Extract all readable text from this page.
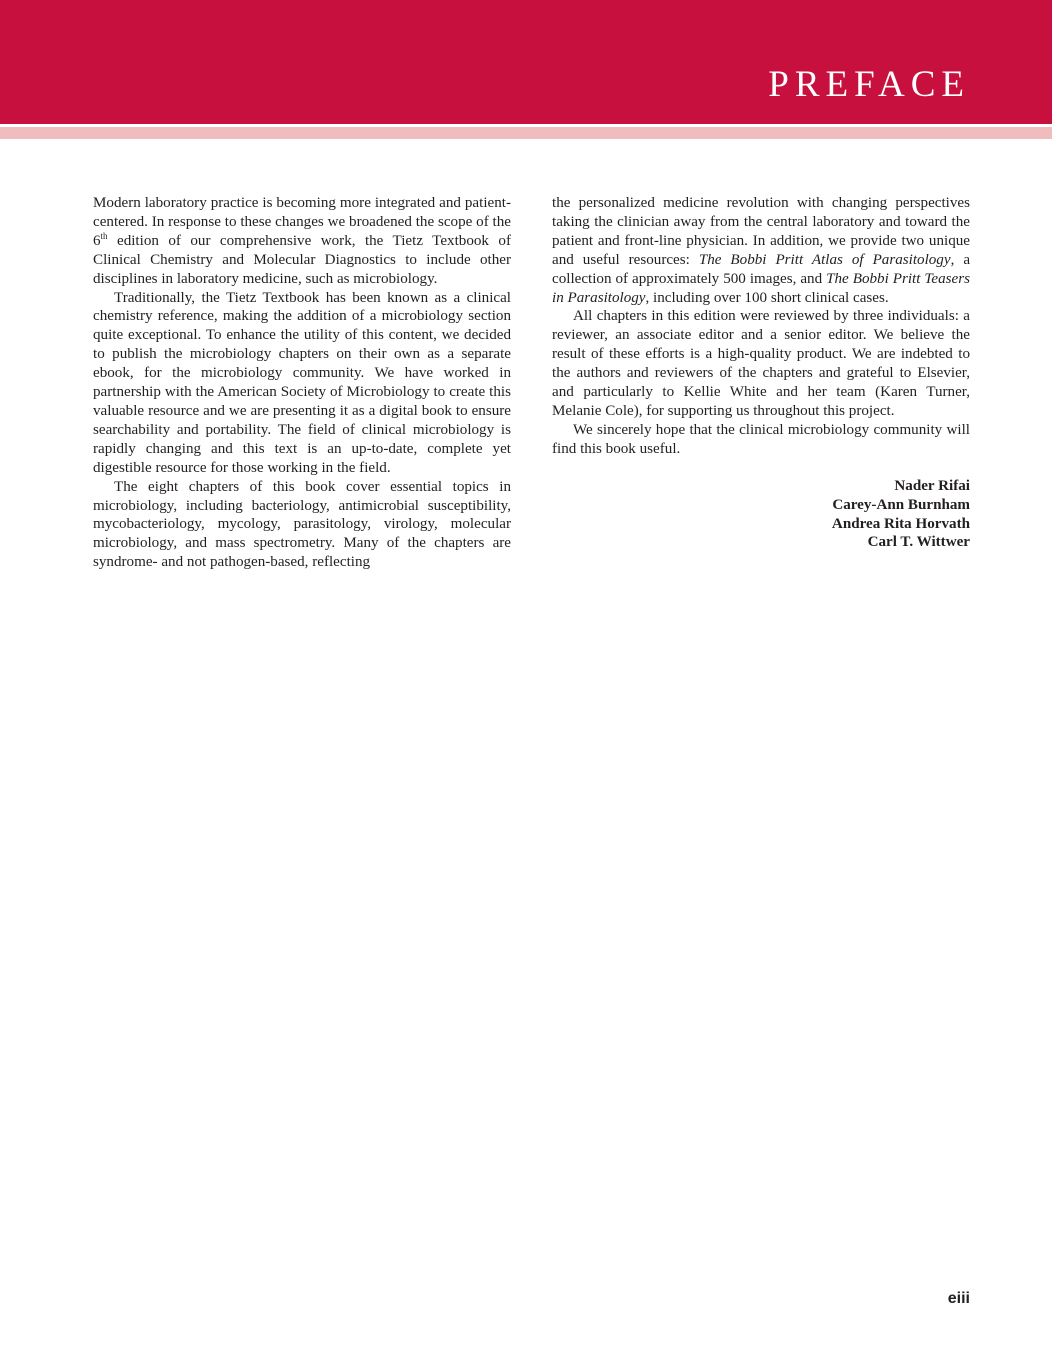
PREFACE

Modern laboratory practice is becoming more integrated and patient-centered. In response to these changes we broadened the scope of the 6th edition of our comprehensive work, the Tietz Textbook of Clinical Chemistry and Molecular Diagnostics to include other disciplines in laboratory medicine, such as microbiology.

Traditionally, the Tietz Textbook has been known as a clinical chemistry reference, making the addition of a microbiology section quite exceptional. To enhance the utility of this content, we decided to publish the microbiology chapters on their own as a separate ebook, for the microbiology community. We have worked in partnership with the American Society of Microbiology to create this valuable resource and we are presenting it as a digital book to ensure searchability and portability. The field of clinical microbiology is rapidly changing and this text is an up-to-date, complete yet digestible resource for those working in the field.

The eight chapters of this book cover essential topics in microbiology, including bacteriology, antimicrobial susceptibility, mycobacteriology, mycology, parasitology, virology, molecular microbiology, and mass spectrometry. Many of the chapters are syndrome- and not pathogen-based, reflecting

the personalized medicine revolution with changing perspectives taking the clinician away from the central laboratory and toward the patient and front-line physician. In addition, we provide two unique and useful resources: The Bobbi Pritt Atlas of Parasitology, a collection of approximately 500 images, and The Bobbi Pritt Teasers in Parasitology, including over 100 short clinical cases.

All chapters in this edition were reviewed by three individuals: a reviewer, an associate editor and a senior editor. We believe the result of these efforts is a high-quality product. We are indebted to the authors and reviewers of the chapters and grateful to Elsevier, and particularly to Kellie White and her team (Karen Turner, Melanie Cole), for supporting us throughout this project.

We sincerely hope that the clinical microbiology community will find this book useful.

Nader Rifai
Carey-Ann Burnham
Andrea Rita Horvath
Carl T. Wittwer
eiii
